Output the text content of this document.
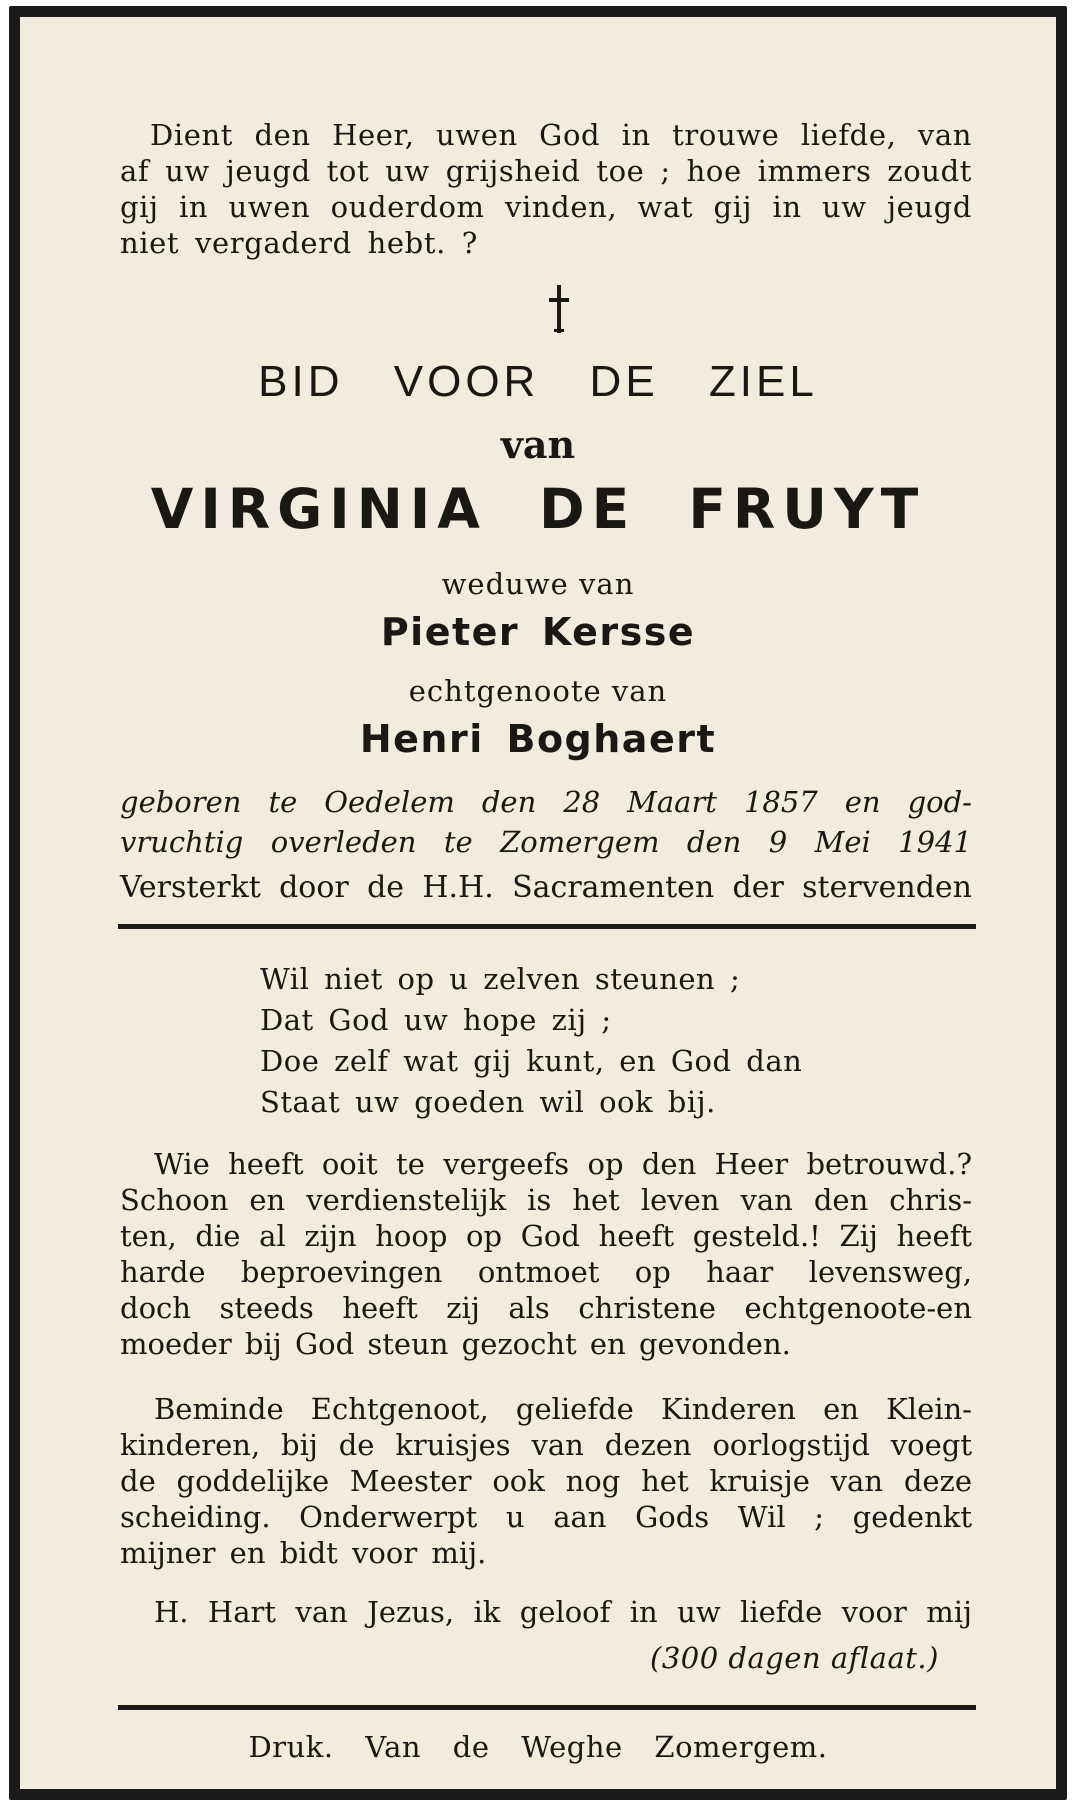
Dient den Heer, uwen God in trouwe liefde, van
af uw jeugd tot uw grijsheid toe ; hoe immers zoudt
gij in uwen ouderdom vinden, wat gij in uw jeugd
niet vergaderd hebt. ?
BID VOOR DE ZIEL
van
VIRGINIA DE FRUYT
weduwe van
Pieter Kersse
echtgenoote van
Henri Boghaert
geboren te Oedelem den 28 Maart 1857 en god-
vruchtig overleden te Zomergem den 9 Mei 1941
Versterkt door de H.H. Sacramenten der stervenden
Wil niet op u zelven steunen ;
Dat God uw hope zij ;
Doe zelf wat gij kunt, en God dan
Staat uw goeden wil ook bij.
Wie heeft ooit te vergeefs op den Heer betrouwd.?
Schoon en verdienstelijk is het leven van den chris-
ten, die al zijn hoop op God heeft gesteld.! Zij heeft
harde beproevingen ontmoet op haar levensweg,
doch steeds heeft zij als christene echtgenoote-en
moeder bij God steun gezocht en gevonden.
Beminde Echtgenoot, geliefde Kinderen en Klein-
kinderen, bij de kruisjes van dezen oorlogstijd voegt
de goddelijke Meester ook nog het kruisje van deze
scheiding. Onderwerpt u aan Gods Wil ; gedenkt
mijner en bidt voor mij.
H. Hart van Jezus, ik geloof in uw liefde voor mij
(300 dagen aflaat.)
Druk. Van de Weghe Zomergem.
